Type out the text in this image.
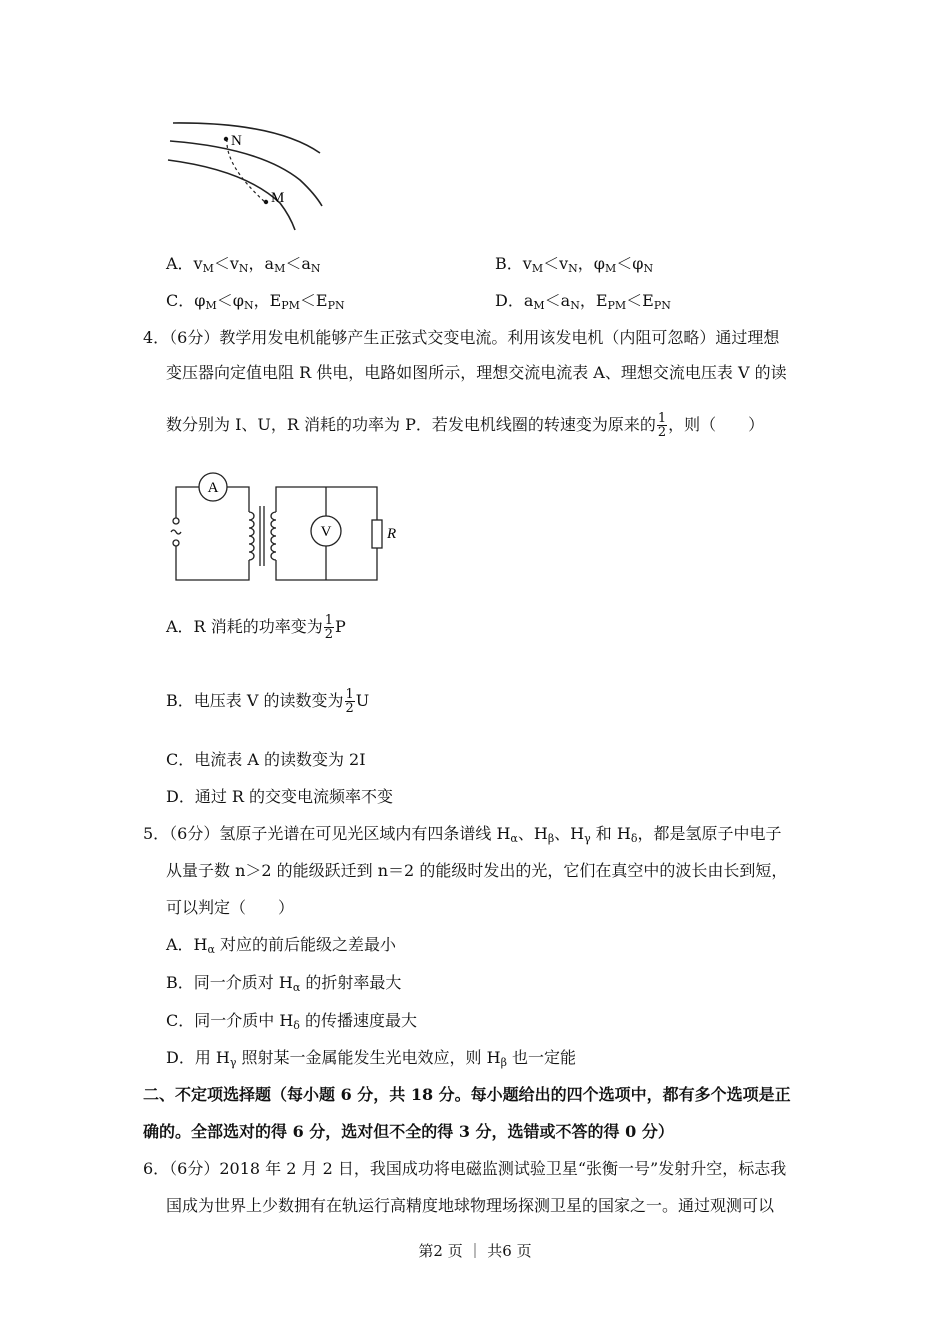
N
M
A．$v_M<v_N$，$a_M<a_N$	B．$v_M<v_N$，$\varphi_M<\varphi_N$
C．$\varphi_M<\varphi_N$，$E_{PM}<E_{PN}$	D．$a_M<a_N$，$E_{PM}<E_{PN}$
4．（6分）教学用发电机能够产生正弦式交变电流。利用该发电机（内阻可忽略）通过理想
变压器向定值电阻 R 供电，电路如图所示，理想交流电流表 A、理想交流电压表 V 的读
数分别为 I、U，R 消耗的功率为 P．若发电机线圈的转速变为原来的 $\frac{1}{2}$ ，则（　　）
A
V	R
A．R 消耗的功率变为 $\frac{1}{2}$ P
B．电压表 V 的读数变为 $\frac{1}{2}$ U
C．电流表 A 的读数变为 2I
D．通过 R 的交变电流频率不变
5．（6分）氢原子光谱在可见光区域内有四条谱线 $H_\alpha$、$H_\beta$、$H_\gamma$ 和 $H_\delta$，都是氢原子中电子
从量子数 n＞2 的能级跃迁到 n＝2 的能级时发出的光，它们在真空中的波长由长到短，
可以判定（　　）
A．$H_\alpha$ 对应的前后能级之差最小
B．同一介质对 $H_\alpha$ 的折射率最大
C．同一介质中 $H_\delta$ 的传播速度最大
D．用 $H_\gamma$ 照射某一金属能发生光电效应，则 $H_\beta$ 也一定能
二、不定项选择题（每小题 6 分，共 18 分。每小题给出的四个选项中，都有多个选项是正
确的。全部选对的得 6 分，选对但不全的得 3 分，选错或不答的得 0 分）
6．（6分）2018 年 2 月 2 日，我国成功将电磁监测试验卫星“张衡一号”发射升空，标志我
国成为世界上少数拥有在轨运行高精度地球物理场探测卫星的国家之一。通过观测可以
第2 页 ｜ 共6 页
